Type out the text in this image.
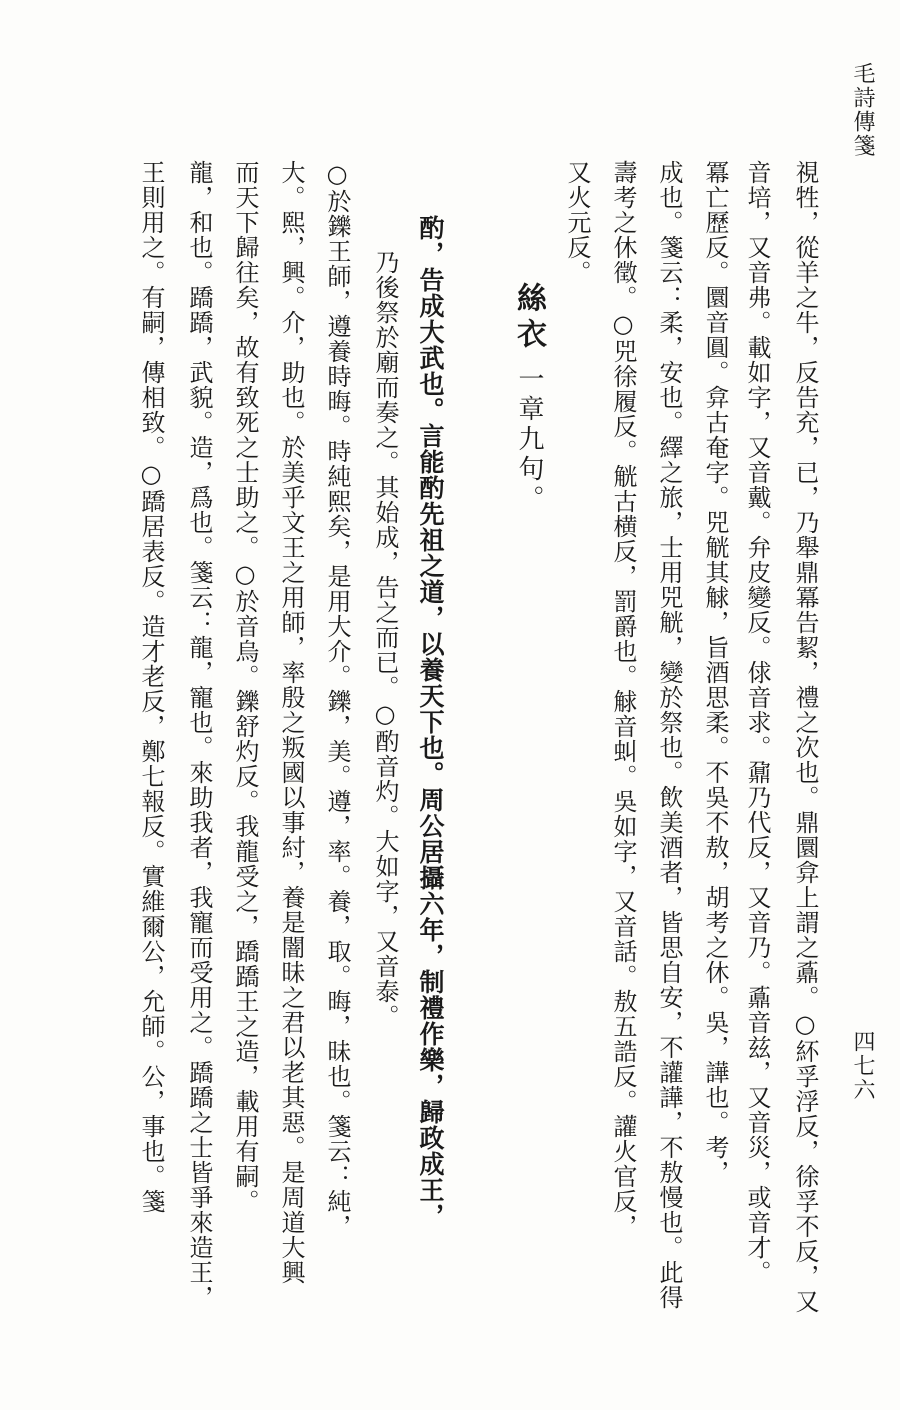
毛詩傳箋
四七六
視牲，從羊之牛，反告充，已，乃舉鼎冪告絜，禮之次也。鼎圜弇上謂之鼒。○紑孚浮反，徐孚不反，又
音培，又音弗。載如字，又音戴。弁皮變反。俅音求。鼐乃代反，又音乃。鼒音兹，又音災，或音才。
冪亡歷反。圜音圓。弇古奄字。兕觥其觩，旨酒思柔。不吳不敖，胡考之休。吳，譁也。考，
成也。箋云：柔，安也。繹之旅，士用兕觥，變於祭也。飲美酒者，皆思自安，不讙譁，不敖慢也。此得
壽考之休徵。○兕徐履反。觥古横反，罰爵也。觩音虯。吳如字，又音話。敖五誥反。讙火官反，
又火元反。
絲衣
一章九句。
酌，告成大武也。言能酌先祖之道，以養天下也。周公居攝六年，制禮作樂，歸政成王，
乃後祭於廟而奏之。其始成，告之而已。○酌音灼。大如字，又音泰。
○於鑠王師，遵養時晦。時純熙矣，是用大介。鑠，美。遵，率。養，取。晦，昧也。箋云：純，
大。熙，興。介，助也。於美乎文王之用師，率殷之叛國以事紂，養是闇昧之君以老其惡。是周道大興
而天下歸往矣，故有致死之士助之。○於音烏。鑠舒灼反。我龍受之，蹻蹻王之造，載用有嗣。
龍，和也。蹻蹻，武貌。造，爲也。箋云：龍，寵也。來助我者，我寵而受用之。蹻蹻之士皆爭來造王，
王則用之。有嗣，傳相致。○蹻居表反。造才老反，鄭七報反。實維爾公，允師。公，事也。箋
